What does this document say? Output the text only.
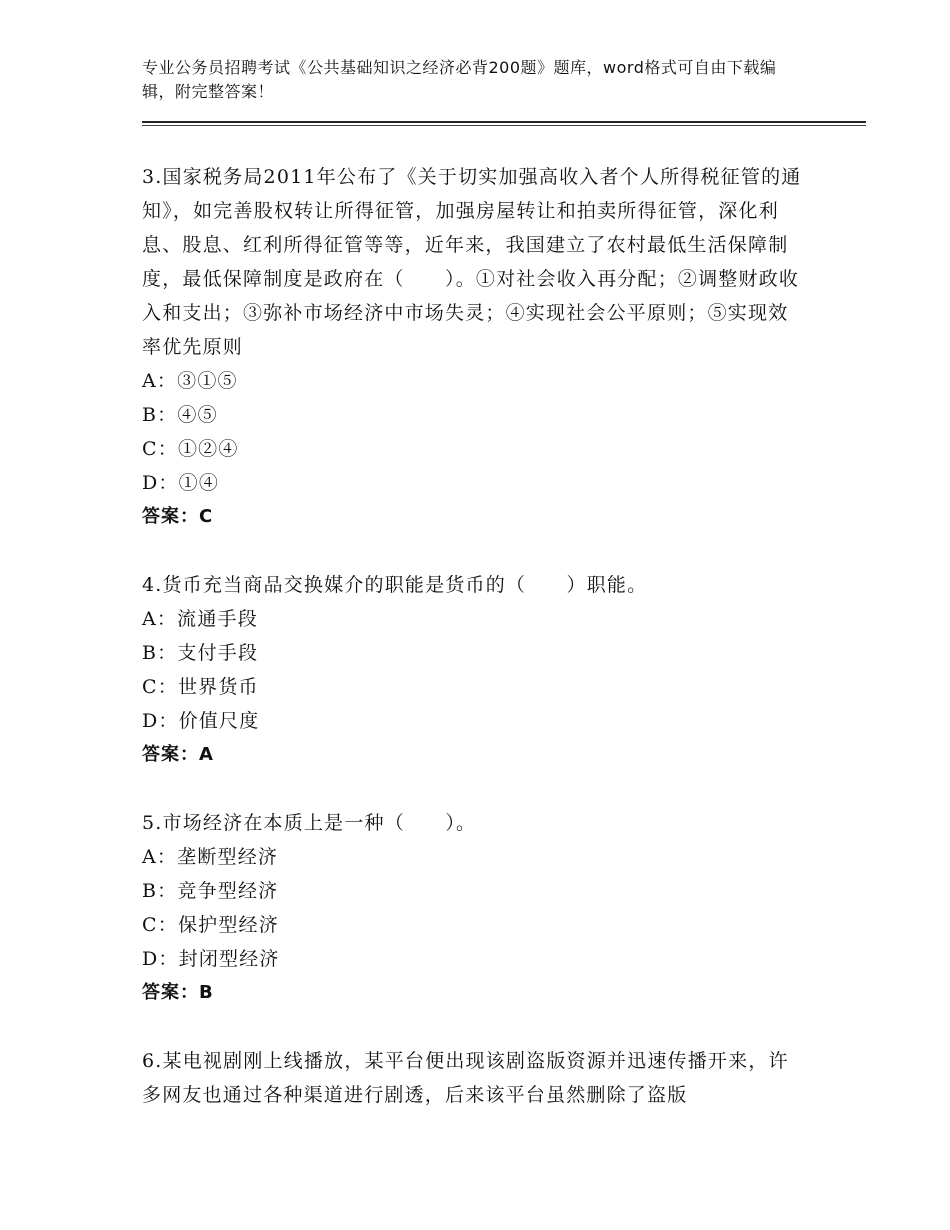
专业公务员招聘考试《公共基础知识之经济必背200题》题库，word格式可自由下载编辑，附完整答案！

3.国家税务局2011年公布了《关于切实加强高收入者个人所得税征管的通知》，如完善股权转让所得征管，加强房屋转让和拍卖所得征管，深化利息、股息、红利所得征管等等，近年来，我国建立了农村最低生活保障制度，最低保障制度是政府在（　　）。①对社会收入再分配；②调整财政收入和支出；③弥补市场经济中市场失灵；④实现社会公平原则；⑤实现效率优先原则

A：③①⑤

B：④⑤

C：①②④

D：①④

答案：C

4.货币充当商品交换媒介的职能是货币的（　　）职能。

A：流通手段

B：支付手段

C：世界货币

D：价值尺度

答案：A

5.市场经济在本质上是一种（　　）。

A：垄断型经济

B：竞争型经济

C：保护型经济

D：封闭型经济

答案：B

6.某电视剧刚上线播放，某平台便出现该剧盗版资源并迅速传播开来，许多网友也通过各种渠道进行剧透，后来该平台虽然删除了盗版
